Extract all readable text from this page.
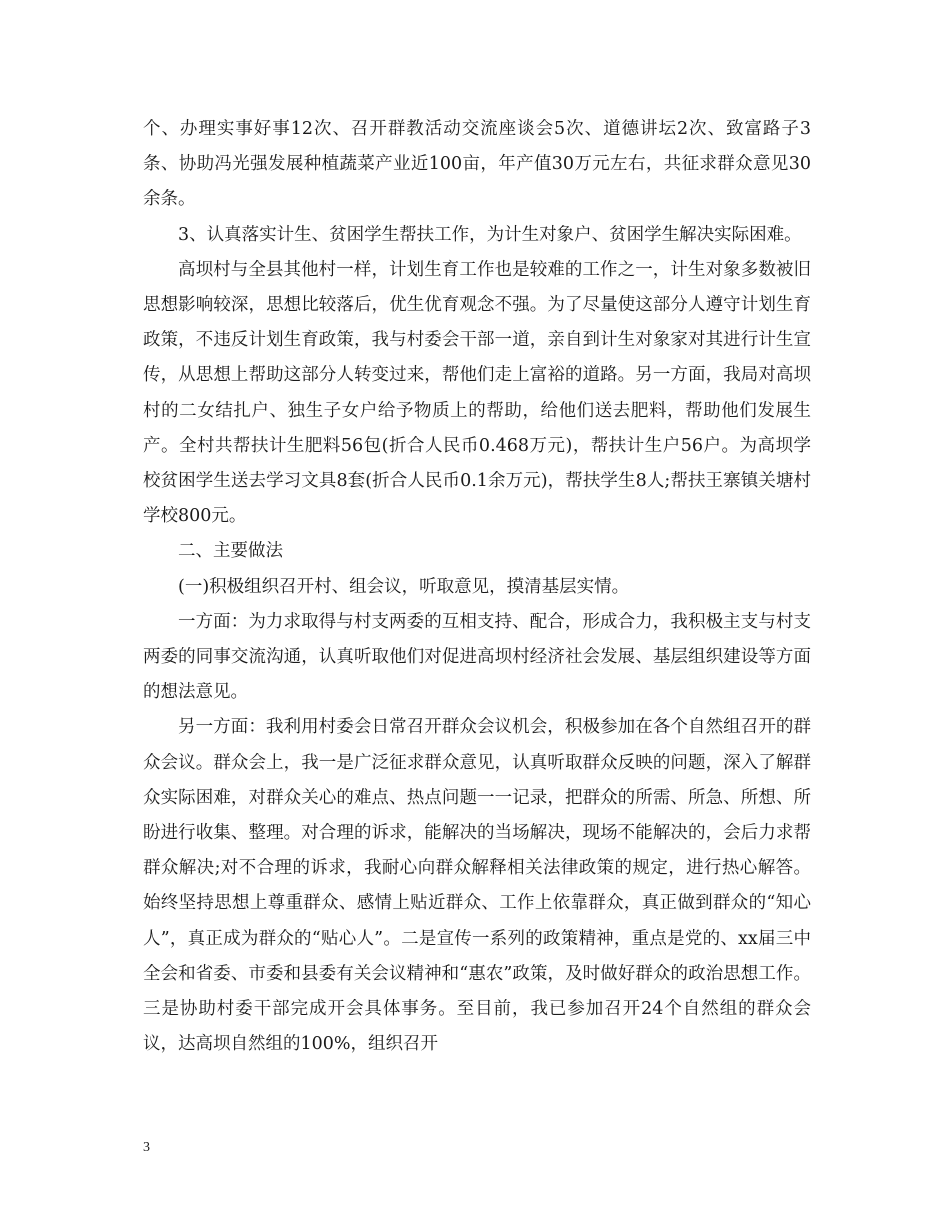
个、办理实事好事12次、召开群教活动交流座谈会5次、道德讲坛2次、致富路子3条、协助冯光强发展种植蔬菜产业近100亩，年产值30万元左右，共征求群众意见30余条。

3、认真落实计生、贫困学生帮扶工作，为计生对象户、贫困学生解决实际困难。

高坝村与全县其他村一样，计划生育工作也是较难的工作之一，计生对象多数被旧思想影响较深，思想比较落后，优生优育观念不强。为了尽量使这部分人遵守计划生育政策，不违反计划生育政策，我与村委会干部一道，亲自到计生对象家对其进行计生宣传，从思想上帮助这部分人转变过来，帮他们走上富裕的道路。另一方面，我局对高坝村的二女结扎户、独生子女户给予物质上的帮助，给他们送去肥料，帮助他们发展生产。全村共帮扶计生肥料56包(折合人民币0.468万元)，帮扶计生户56户。为高坝学校贫困学生送去学习文具8套(折合人民币0.1余万元)，帮扶学生8人;帮扶王寨镇关塘村学校800元。

二、主要做法

(一)积极组织召开村、组会议，听取意见，摸清基层实情。

一方面：为力求取得与村支两委的互相支持、配合，形成合力，我积极主支与村支两委的同事交流沟通，认真听取他们对促进高坝村经济社会发展、基层组织建设等方面的想法意见。

另一方面：我利用村委会日常召开群众会议机会，积极参加在各个自然组召开的群众会议。群众会上，我一是广泛征求群众意见，认真听取群众反映的问题，深入了解群众实际困难，对群众关心的难点、热点问题一一记录，把群众的所需、所急、所想、所盼进行收集、整理。对合理的诉求，能解决的当场解决，现场不能解决的，会后力求帮群众解决;对不合理的诉求，我耐心向群众解释相关法律政策的规定，进行热心解答。始终坚持思想上尊重群众、感情上贴近群众、工作上依靠群众，真正做到群众的“知心人”，真正成为群众的“贴心人”。二是宣传一系列的政策精神，重点是党的、xx届三中全会和省委、市委和县委有关会议精神和“惠农”政策，及时做好群众的政治思想工作。三是协助村委干部完成开会具体事务。至目前，我已参加召开24个自然组的群众会议，达高坝自然组的100%，组织召开

3
